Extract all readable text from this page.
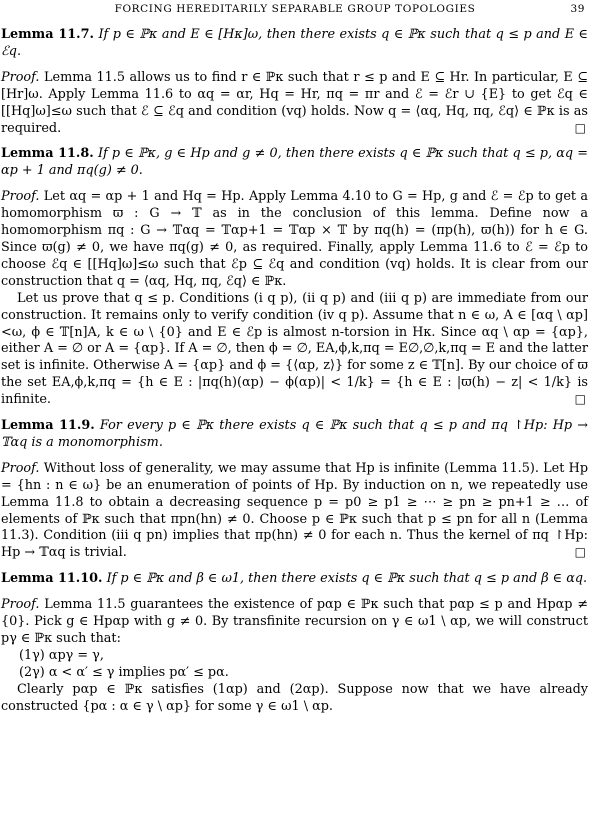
FORCING HEREDITARILY SEPARABLE GROUP TOPOLOGIES	39

Lemma 11.7. If p ∈ ℙκ and E ∈ [Hκ]ω, then there exists q ∈ ℙκ such that q ≤ p and E ∈ ℰq.

Proof. Lemma 11.5 allows us to find r ∈ ℙκ such that r ≤ p and E ⊆ Hr. In particular, E ⊆ [Hr]ω. Apply Lemma 11.6 to αq = αr, Hq = Hr, πq = πr and ℰ = ℰr ∪ {E} to get ℰq ∈ [[Hq]ω]≤ω such that ℰ ⊆ ℰq and condition (vq) holds. Now q = ⟨αq, Hq, πq, ℰq⟩ ∈ ℙκ is as required.	□

Lemma 11.8. If p ∈ ℙκ, g ∈ Hp and g ≠ 0, then there exists q ∈ ℙκ such that q ≤ p, αq = αp + 1 and πq(g) ≠ 0.

Proof. Let αq = αp + 1 and Hq = Hp. Apply Lemma 4.10 to G = Hp, g and ℰ = ℰp to get a homomorphism ϖ : G → 𝕋 as in the conclusion of this lemma. Define now a homomorphism πq : G → 𝕋αq = 𝕋αp+1 = 𝕋αp × 𝕋 by πq(h) = (πp(h), ϖ(h)) for h ∈ G. Since ϖ(g) ≠ 0, we have πq(g) ≠ 0, as required. Finally, apply Lemma 11.6 to ℰ = ℰp to choose ℰq ∈ [[Hq]ω]≤ω such that ℰp ⊆ ℰq and condition (vq) holds. It is clear from our construction that q = ⟨αq, Hq, πq, ℰq⟩ ∈ ℙκ.

Let us prove that q ≤ p. Conditions (i q p), (ii q p) and (iii q p) are immediate from our construction. It remains only to verify condition (iv q p). Assume that n ∈ ω, A ∈ [αq \ αp]<ω, ϕ ∈ 𝕋[n]A, k ∈ ω \ {0} and E ∈ ℰp is almost n-torsion in Hκ. Since αq \ αp = {αp}, either A = ∅ or A = {αp}. If A = ∅, then ϕ = ∅, EA,ϕ,k,πq = E∅,∅,k,πq = E and the latter set is infinite. Otherwise A = {αp} and ϕ = {⟨αp, z⟩} for some z ∈ 𝕋[n]. By our choice of ϖ the set EA,ϕ,k,πq = {h ∈ E : |πq(h)(αp) − ϕ(αp)| < 1/k} = {h ∈ E : |ϖ(h) − z| < 1/k} is infinite.	□

Lemma 11.9. For every p ∈ ℙκ there exists q ∈ ℙκ such that q ≤ p and πq ↾Hp: Hp → 𝕋αq is a monomorphism.

Proof. Without loss of generality, we may assume that Hp is infinite (Lemma 11.5). Let Hp = {hn : n ∈ ω} be an enumeration of points of Hp. By induction on n, we repeatedly use Lemma 11.8 to obtain a decreasing sequence p = p0 ≥ p1 ≥ ⋯ ≥ pn ≥ pn+1 ≥ … of elements of ℙκ such that πpn(hn) ≠ 0. Choose p ∈ ℙκ such that p ≤ pn for all n (Lemma 11.3). Condition (iii q pn) implies that πp(hn) ≠ 0 for each n. Thus the kernel of πq ↾Hp: Hp → 𝕋αq is trivial.	□

Lemma 11.10. If p ∈ ℙκ and β ∈ ω1, then there exists q ∈ ℙκ such that q ≤ p and β ∈ αq.

Proof. Lemma 11.5 guarantees the existence of pαp ∈ ℙκ such that pαp ≤ p and Hpαp ≠ {0}. Pick g ∈ Hpαp with g ≠ 0. By transfinite recursion on γ ∈ ω1 \ αp, we will construct pγ ∈ ℙκ such that:

(1γ) αpγ = γ,

(2γ) α < α′ ≤ γ implies pα′ ≤ pα.

Clearly pαp ∈ ℙκ satisfies (1αp) and (2αp). Suppose now that we have already constructed {pα : α ∈ γ \ αp} for some γ ∈ ω1 \ αp.
